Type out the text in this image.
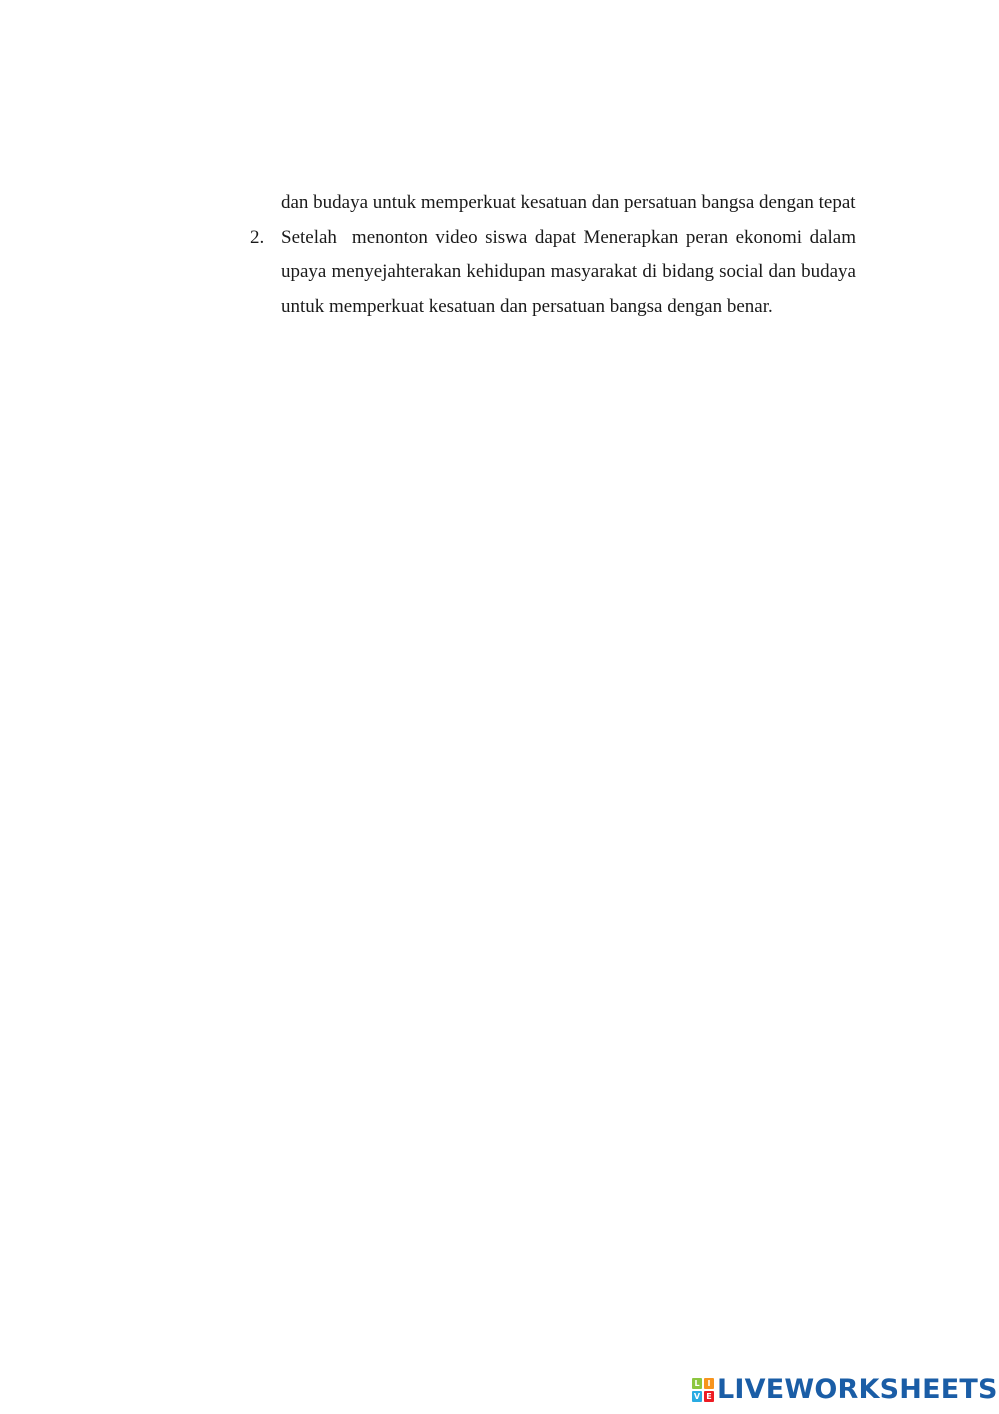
dan budaya untuk memperkuat kesatuan dan persatuan bangsa dengan tepat

2. Setelah  menonton video siswa dapat Menerapkan peran ekonomi dalam upaya menyejahterakan kehidupan masyarakat di bidang social dan budaya untuk memperkuat kesatuan dan persatuan bangsa dengan benar.
L I
V E LIVEWORKSHEETS
